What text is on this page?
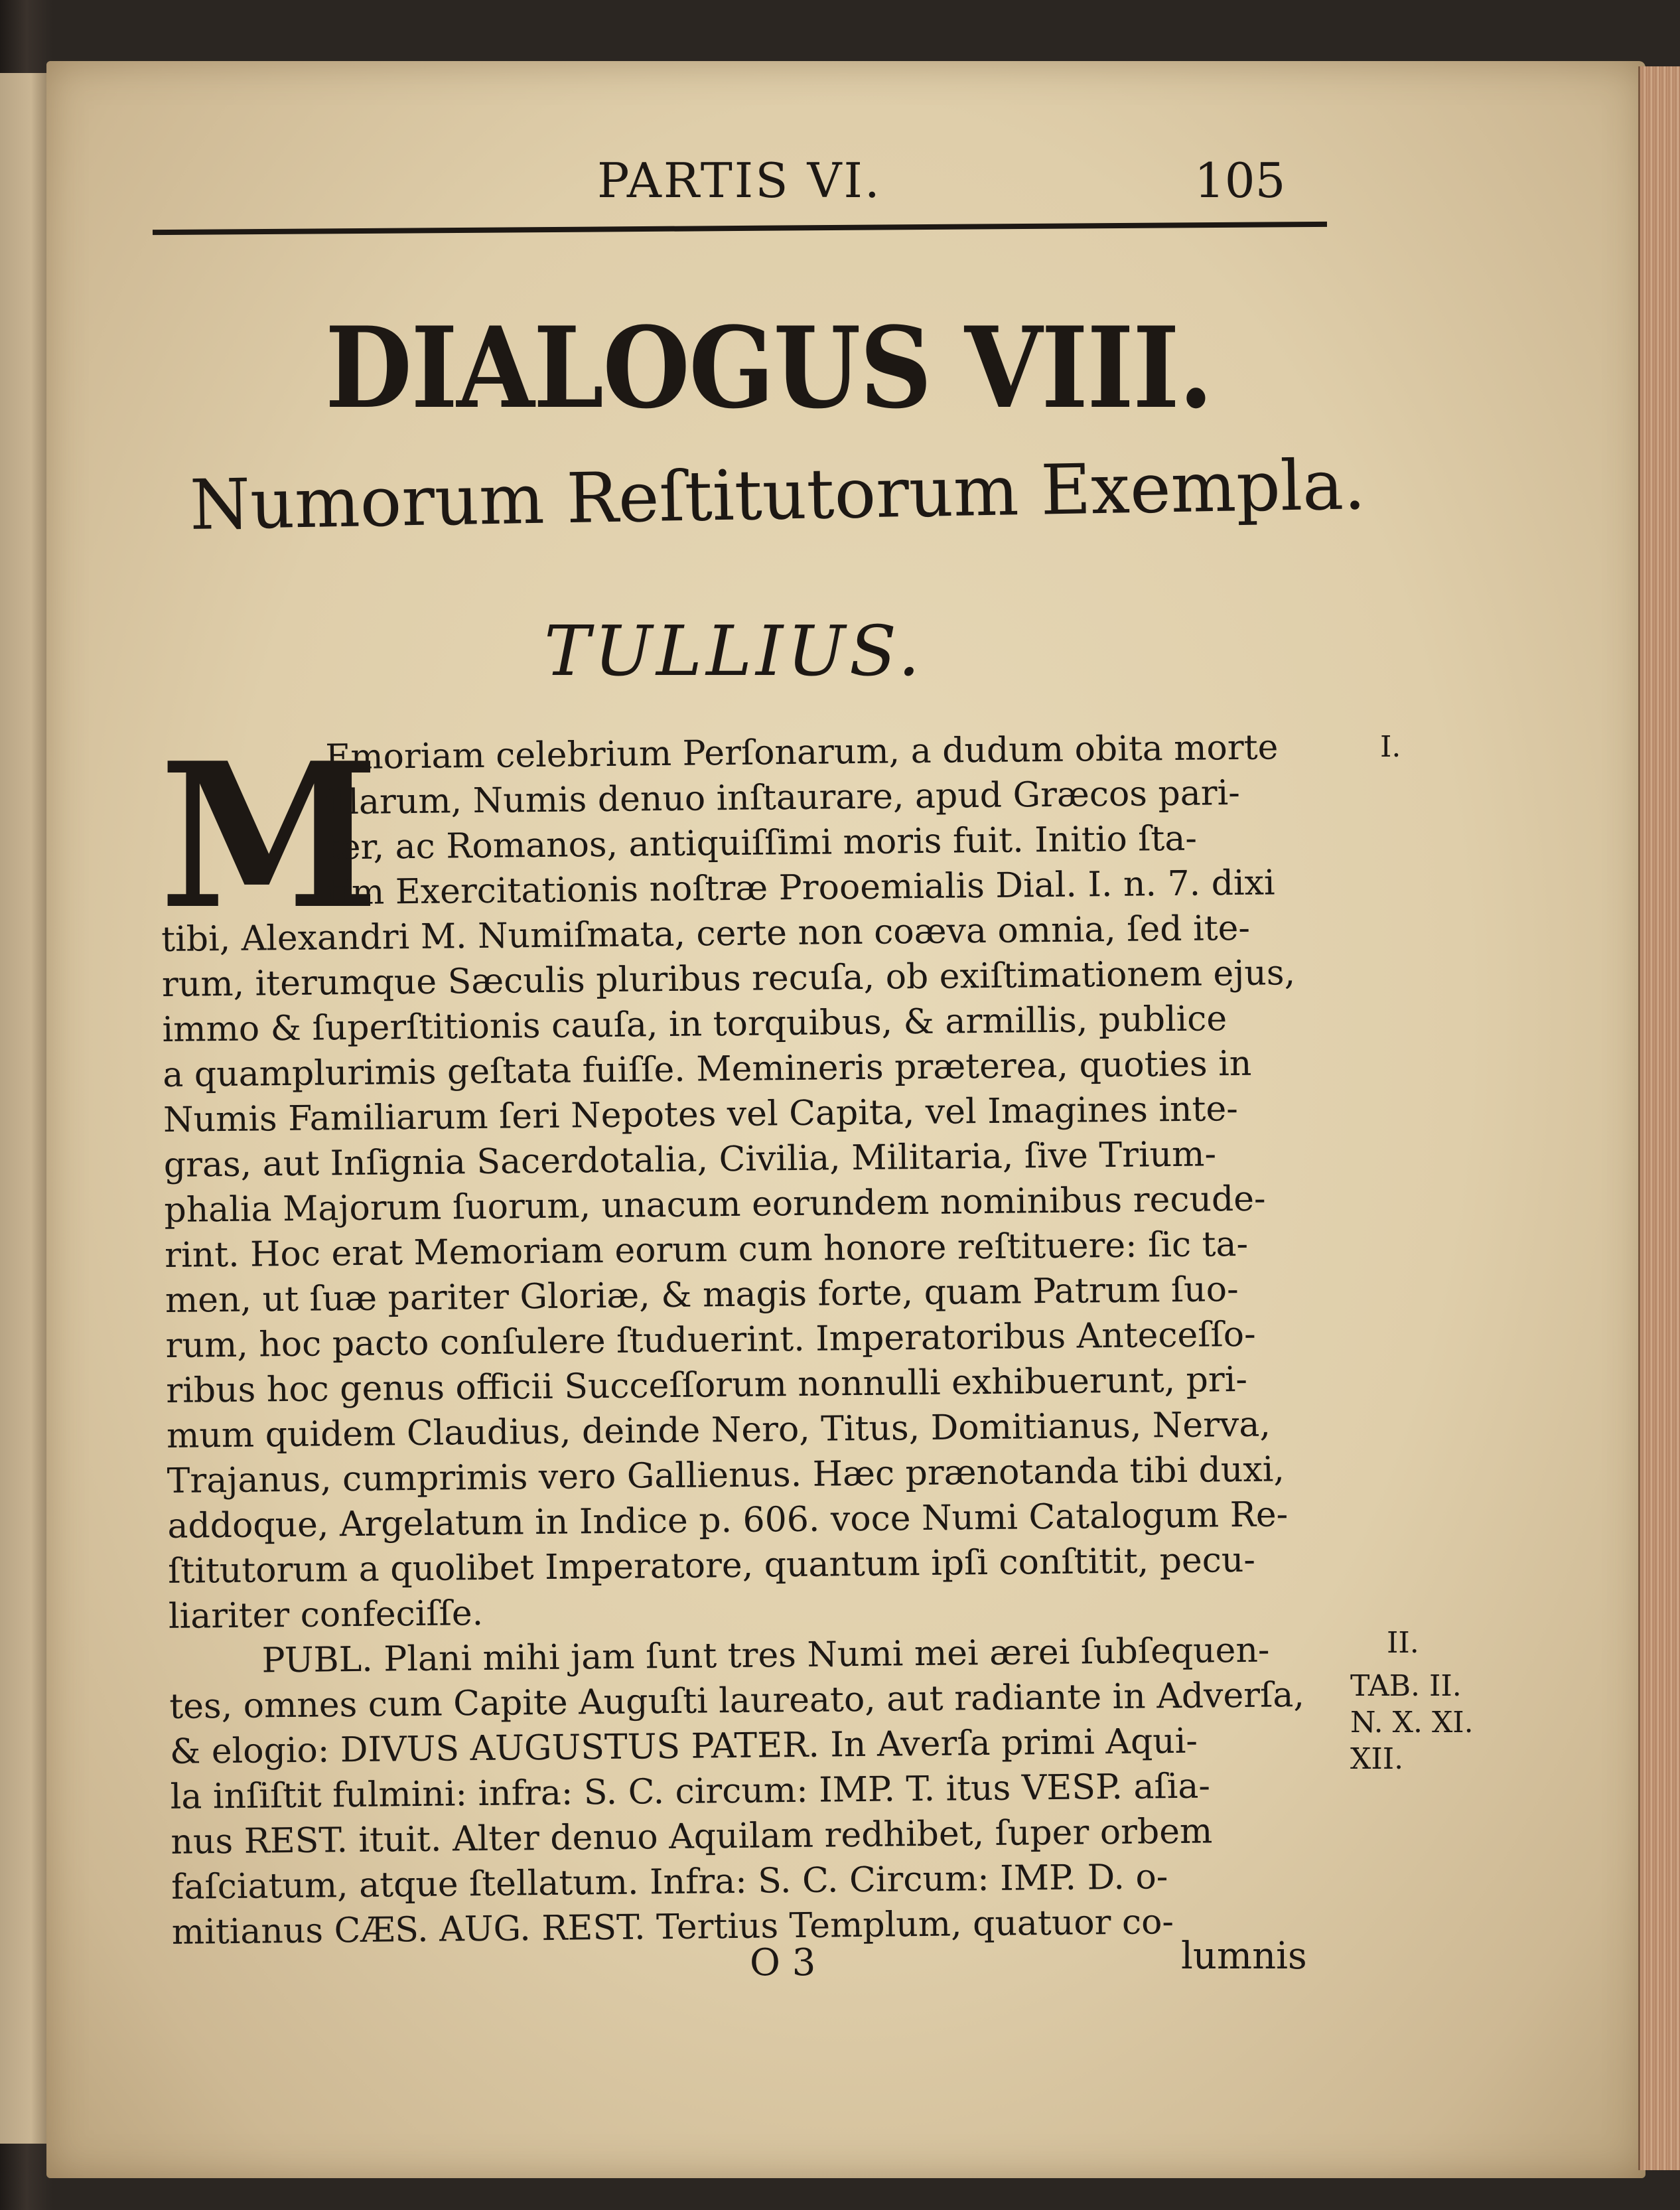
PARTIS VI.	105
DIALOGUS VIII.
Numorum Reſtitutorum Exempla.
TULLIUS.
M
Emoriam celebrium Perſonarum, a dudum obita morte
illarum, Numis denuo inſtaurare, apud Græcos pari-
ter, ac Romanos, antiquiſſimi moris fuit. Initio ſta-
tim Exercitationis noſtræ Prooemialis Dial. I. n. 7. dixi
tibi, Alexandri M. Numiſmata, certe non coæva omnia, ſed ite-
rum, iterumque Sæculis pluribus recuſa, ob exiſtimationem ejus,
immo & ſuperſtitionis cauſa, in torquibus, & armillis, publice
a quamplurimis geſtata fuiſſe. Memineris præterea, quoties in
Numis Familiarum ſeri Nepotes vel Capita, vel Imagines inte-
gras, aut Inſignia Sacerdotalia, Civilia, Militaria, ſive Trium-
phalia Majorum ſuorum, unacum eorundem nominibus recude-
rint. Hoc erat Memoriam eorum cum honore reſtituere: ſic ta-
men, ut ſuæ pariter Gloriæ, & magis forte, quam Patrum ſuo-
rum, hoc pacto conſulere ſtuduerint. Imperatoribus Anteceſſo-
ribus hoc genus officii Succeſſorum nonnulli exhibuerunt, pri-
mum quidem Claudius, deinde Nero, Titus, Domitianus, Nerva,
Trajanus, cumprimis vero Gallienus. Hæc prænotanda tibi duxi,
addoque, Argelatum in Indice p. 606. voce Numi Catalogum Re-
ſtitutorum a quolibet Imperatore, quantum ipſi conſtitit, pecu-
liariter confeciſſe.
PUBL. Plani mihi jam ſunt tres Numi mei ærei ſubſequen-
tes, omnes cum Capite Auguſti laureato, aut radiante in Adverſa,
& elogio: DIVUS AUGUSTUS PATER. In Averſa primi Aqui-
la inſiſtit fulmini: infra: S. C. circum: IMP. T. itus VESP. aſia-
nus REST. ituit. Alter denuo Aquilam redhibet, ſuper orbem
faſciatum, atque ſtellatum. Infra: S. C. Circum: IMP. D. o-
mitianus CÆS. AUG. REST. Tertius Templum, quatuor co-
O 3	lumnis
I.
II.
TAB. II.
N. X. XI.
XII.
